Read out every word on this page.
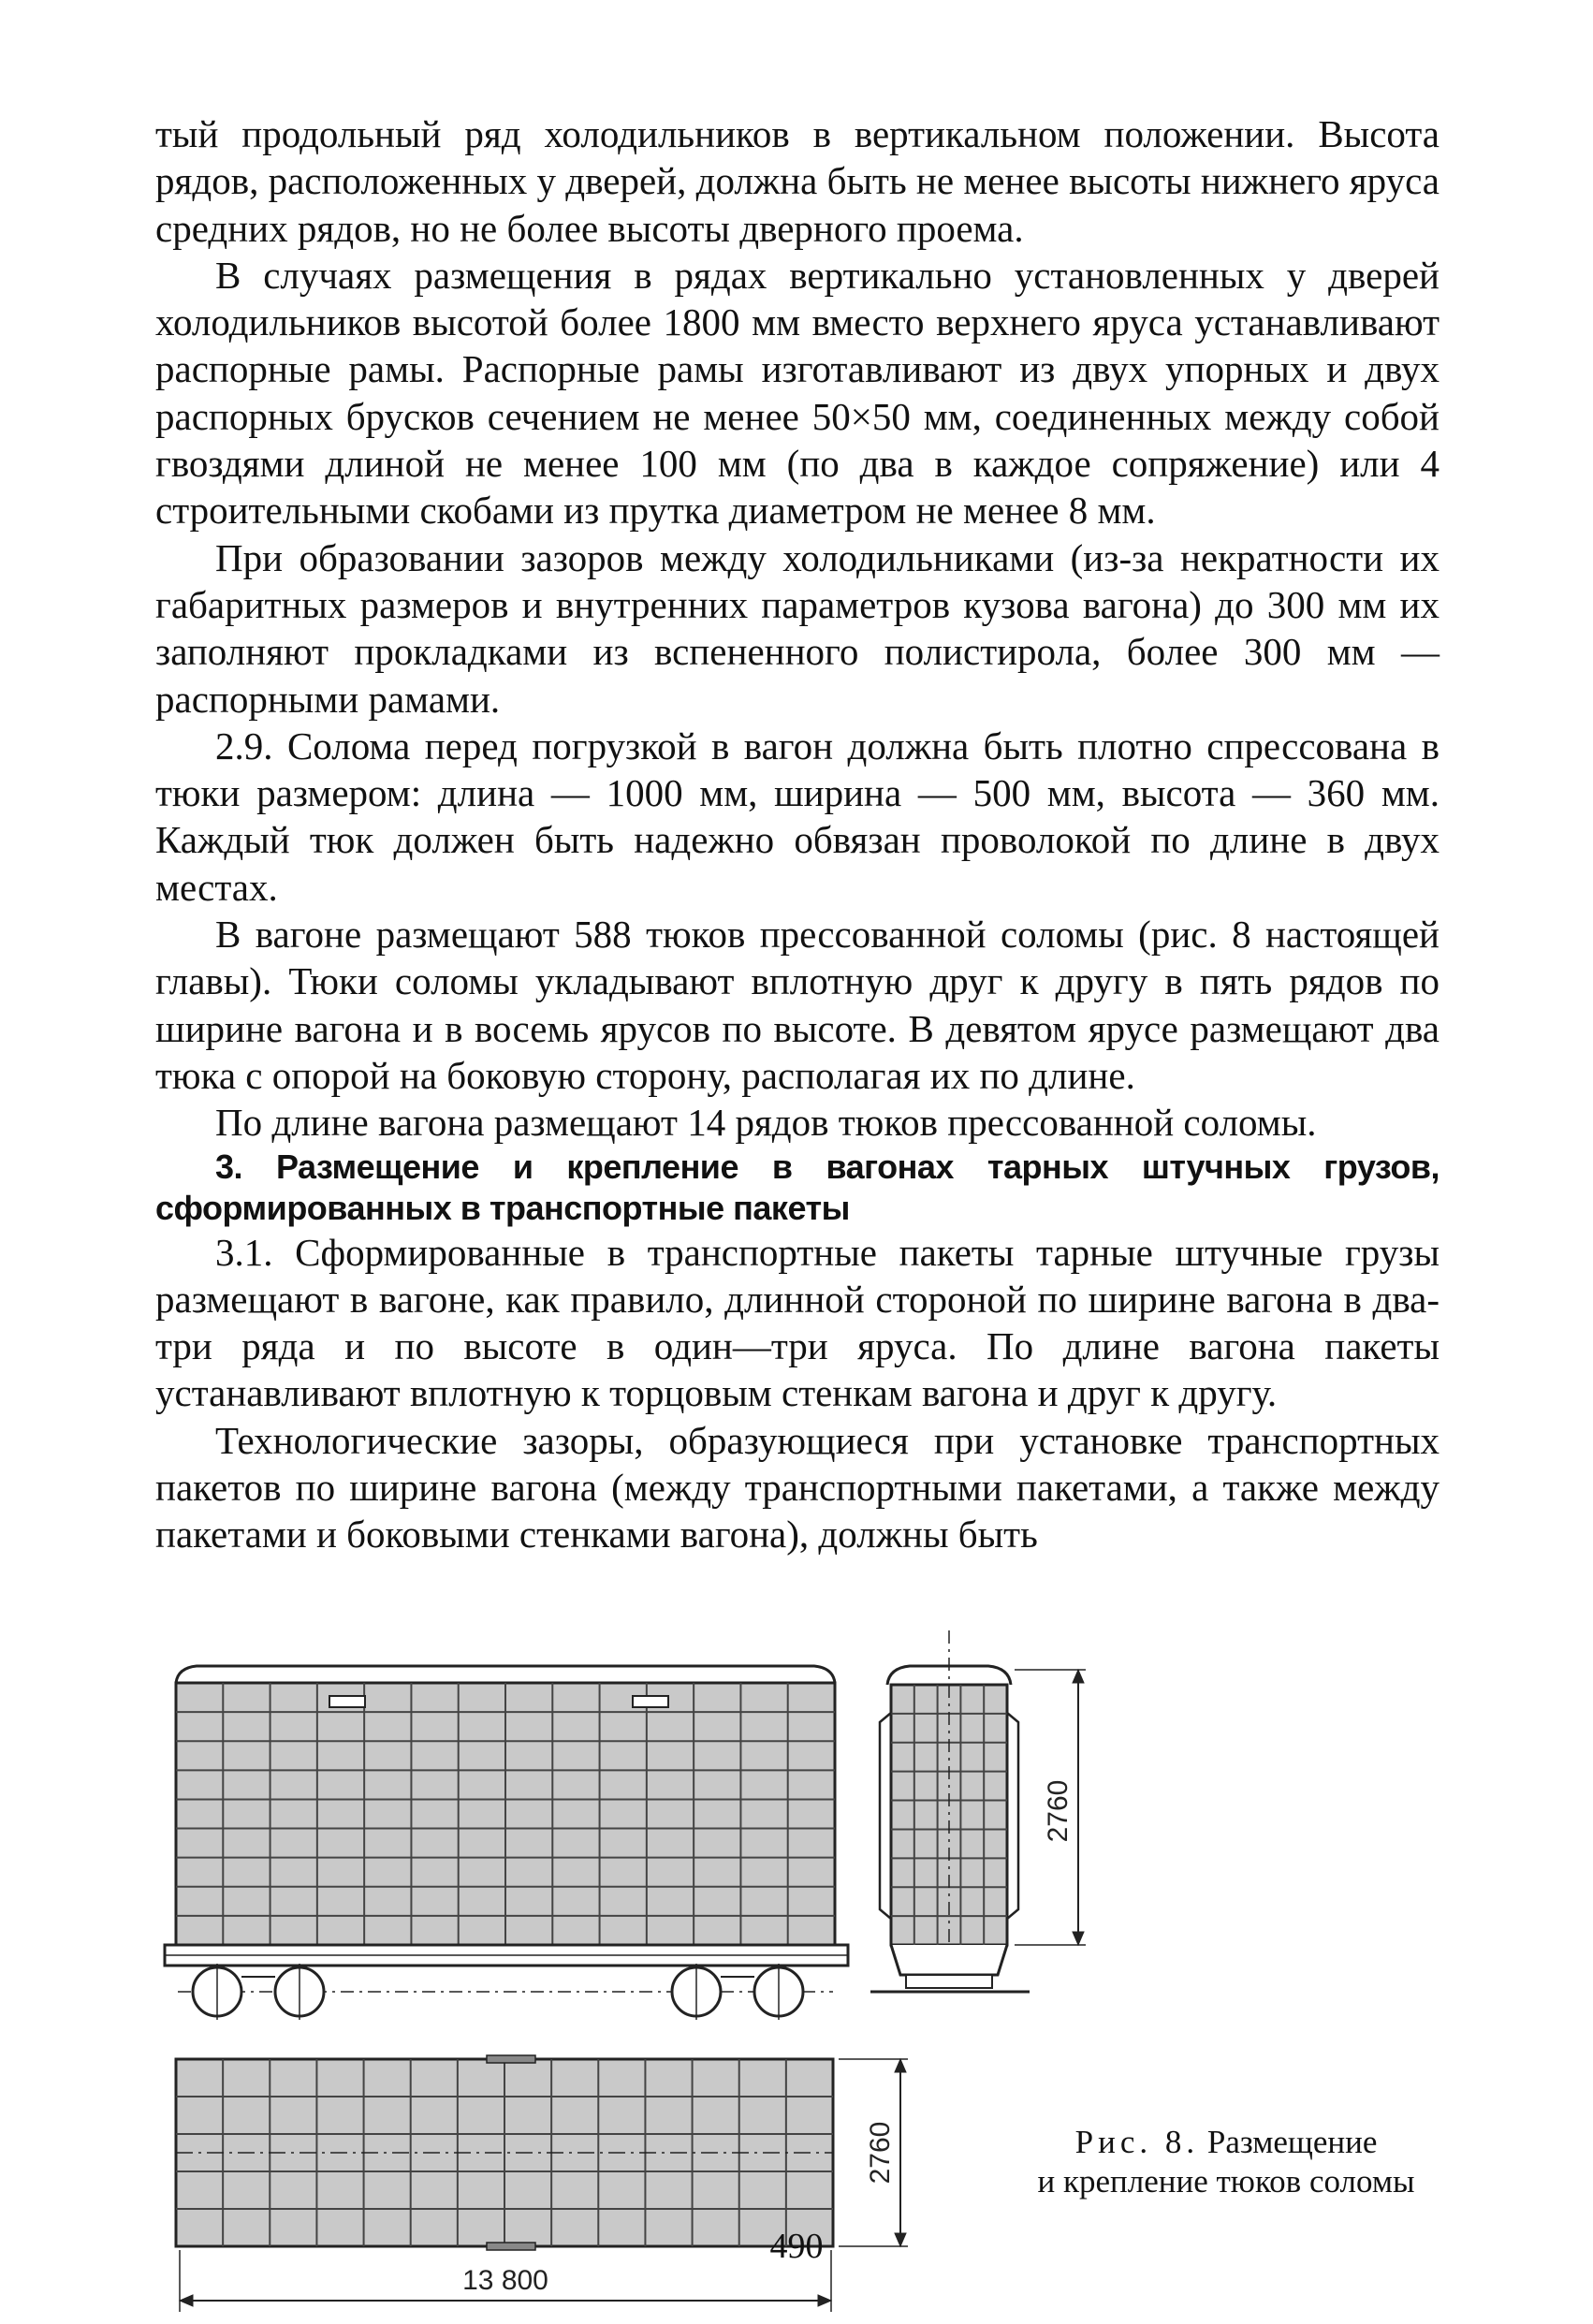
тый продольный ряд холодильников в вертикальном положении. Высота рядов, расположенных у дверей, должна быть не менее высоты нижнего яруса средних рядов, но не более высоты дверного проема.

В случаях размещения в рядах вертикально установленных у дверей холодильников высотой более 1800 мм вместо верхнего яруса устанавливают распорные рамы. Распорные рамы изготавливают из двух упорных и двух распорных брусков сечением не менее 50×50 мм, соединенных между собой гвоздями длиной не менее 100 мм (по два в каждое сопряжение) или 4 строительными скобами из прутка диаметром не менее 8 мм.

При образовании зазоров между холодильниками (из-за некратности их габаритных размеров и внутренних параметров кузова вагона) до 300 мм их заполняют прокладками из вспененного полистирола, более 300 мм — распорными рамами.

2.9. Солома перед погрузкой в вагон должна быть плотно спрессована в тюки размером: длина — 1000 мм, ширина — 500 мм, высота — 360 мм. Каждый тюк должен быть надежно обвязан проволокой по длине в двух местах.

В вагоне размещают 588 тюков прессованной соломы (рис. 8 настоящей главы). Тюки соломы укладывают вплотную друг к другу в пять рядов по ширине вагона и в восемь ярусов по высоте. В девятом ярусе размещают два тюка с опорой на боковую сторону, располагая их по длине.

По длине вагона размещают 14 рядов тюков прессованной соломы.

3. Размещение и крепление в вагонах тарных штучных грузов, сформированных в транспортные пакеты

3.1. Сформированные в транспортные пакеты тарные штучные грузы размещают в вагоне, как правило, длинной стороной по ширине вагона в два-три ряда и по высоте в один—три яруса. По длине вагона пакеты устанавливают вплотную к торцовым стенкам вагона и друг к другу.

Технологические зазоры, образующиеся при установке транспортных пакетов по ширине вагона (между транспортными пакетами, а также между пакетами и боковыми стенками вагона), должны быть

2760
2760
13 800
Рис. 8. Размещение
и крепление тюков соломы
490
